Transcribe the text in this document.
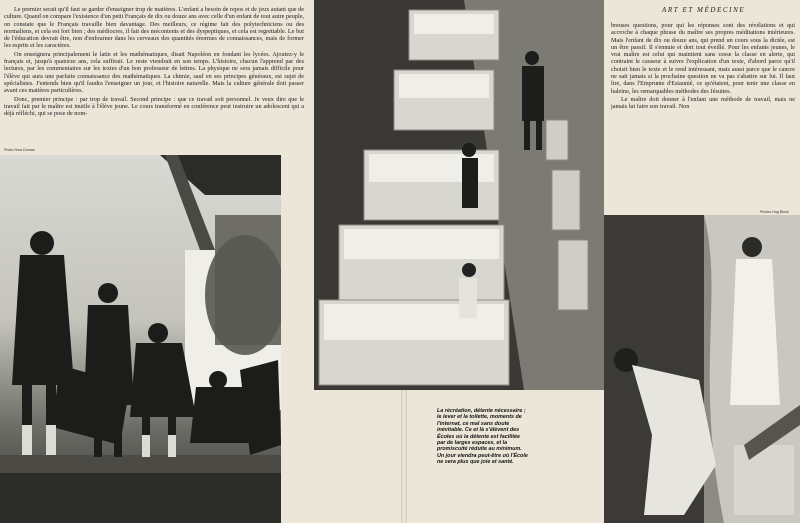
Le premier serait qu'il faut se garder d'enseigner trop de matières. L'enfant a besoin de repos et de jeux autant que de culture. Quand on compare l'existence d'un petit Français de dix ou douze ans avec celle d'un enfant de tout autre peuple, on constate que le Français travaille bien davantage. Des meilleurs, ce régime fait des polytechniciens ou des normaliens, et cela est fort bien ; des médiocres, il fait des mécontents et des dyspeptiques, et cela est regrettable. Le but de l'éducation devrait être, non d'enfourner dans les cerveaux des quantités énormes de connaissances, mais de former les esprits et les caractères.

On enseignera principalement le latin et les mathématiques, disait Napoléon en fondant les lycées. Ajoutez-y le français et, jusqu'à quatorze ans, cela suffirait. Le reste viendrait en son temps. L'histoire, chacun l'apprend par des lectures, par les commentaires sur les textes d'un bon professeur de lettres. La physique ne sera jamais difficile pour l'élève qui aura une parfaite connaissance des mathématiques. La chimie, sauf en ses principes généraux, est sujet de spécialistes. J'entends bien qu'il faudra l'enseigner un jour, et l'histoire naturelle. Mais la culture générale doit passer avant ces matières particulières.

Donc, premier principe : par trop de travail. Second principe : que ce travail soit personnel. Je veux dire que le travail fait par le maître est inutile à l'élève jeune. Le cours transformé en conférence peut instruire un adolescent qui a déjà réfléchi, qui se pose de nom-

Photo Nora Dumas
ART ET MÉDECINE

breuses questions, pour qui les réponses sont des révélations et qui accroche à chaque phrase du maître ses propres méditations intérieures. Mais l'enfant de dix ou douze ans, qui prend un cours sous la dictée, est un être passif. Il s'ennuie et dort tout éveillé. Pour les enfants jeunes, le vrai maître est celui qui maintient sans cesse la classe en alerte, qui contraint le causeur à suivre l'explication d'un texte, d'abord parce qu'il choisit bien le texte et le rend intéressant, mais aussi parce que le cancre ne sait jamais si la prochaine question ne va pas s'abattre sur lui. Il faut lire, dans l'Emprunte d'Estaunié, ce qu'étaient, pour tenir une classe en haleine, les remarquables méthodes des Jésuites.

Le maître doit donner à l'enfant une méthode de travail, mais ne jamais lui faire son travail. Non

Photos Hug Block
La récréation, détente nécessaire ; le lever et la toilette, moments de l'internat, ce mal sans doute inévitable. Ce et là s'élèvent des Écoles où la détente est facilitée par de larges espaces, et la promiscuité réduite au minimum. Un jour viendra peut-être où l'École ne sera plus que joie et santé.
